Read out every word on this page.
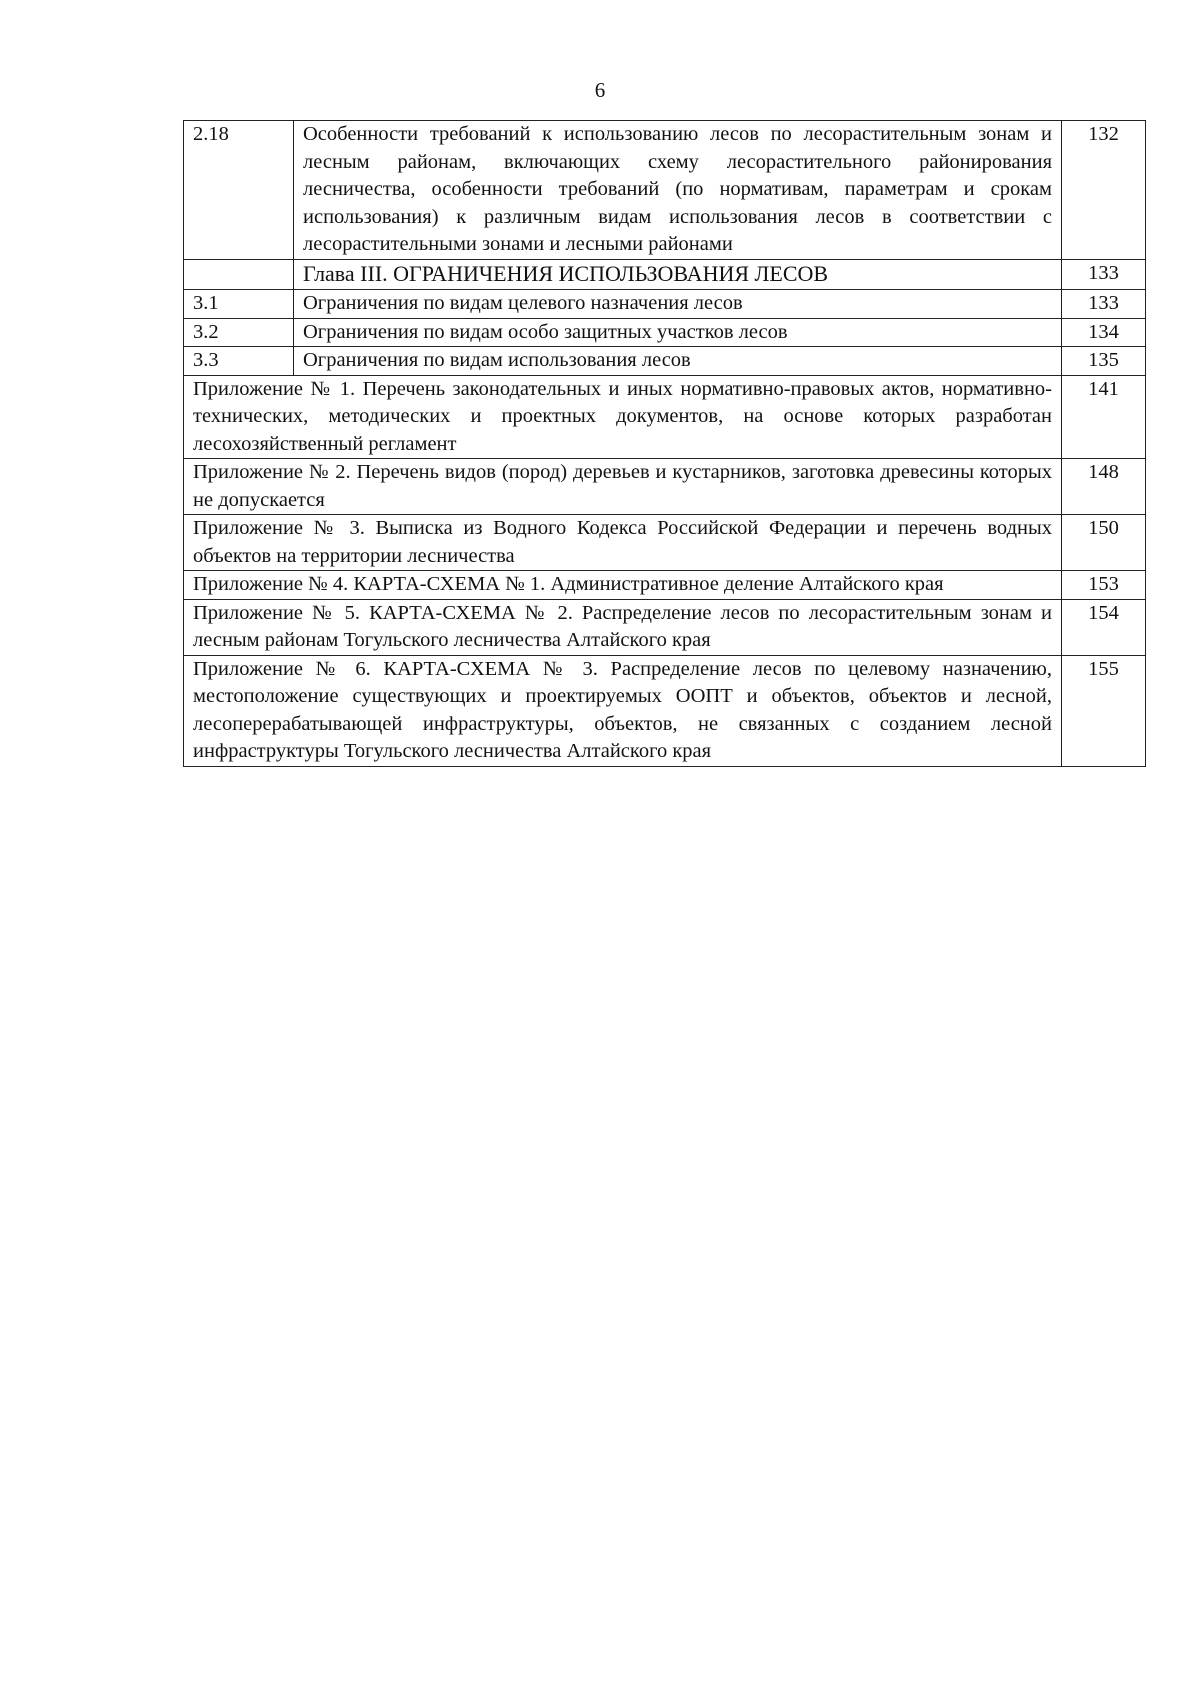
6
2.18	Особенности требований к использованию лесов по лесорастительным зонам и лесным районам, включающих схему лесорастительного районирования лесничества, особенности требований (по нормативам, параметрам и срокам использования) к различным видам использования лесов в соответствии с лесорастительными зонами и лесными районами	132
	Глава III. ОГРАНИЧЕНИЯ ИСПОЛЬЗОВАНИЯ ЛЕСОВ	133
3.1	Ограничения по видам целевого назначения лесов	133
3.2	Ограничения по видам особо защитных участков лесов	134
3.3	Ограничения по видам использования лесов	135
Приложение № 1. Перечень законодательных и иных нормативно-правовых актов, нормативно-технических, методических и проектных документов, на основе которых разработан лесохозяйственный регламент		141
Приложение № 2. Перечень видов (пород) деревьев и кустарников, заготовка древесины которых не допускается		148
Приложение № 3. Выписка из Водного Кодекса Российской Федерации и перечень водных объектов на территории лесничества		150
Приложение № 4. КАРТА-СХЕМА № 1. Административное деление Алтайского края		153
Приложение № 5. КАРТА-СХЕМА № 2. Распределение лесов по лесорастительным зонам и лесным районам Тогульского лесничества Алтайского края		154
Приложение № 6. КАРТА-СХЕМА № 3. Распределение лесов по целевому назначению, местоположение существующих и проектируемых ООПТ и объектов, объектов и лесной, лесоперерабатывающей инфраструктуры, объектов, не связанных с созданием лесной инфраструктуры Тогульского лесничества Алтайского края		155
